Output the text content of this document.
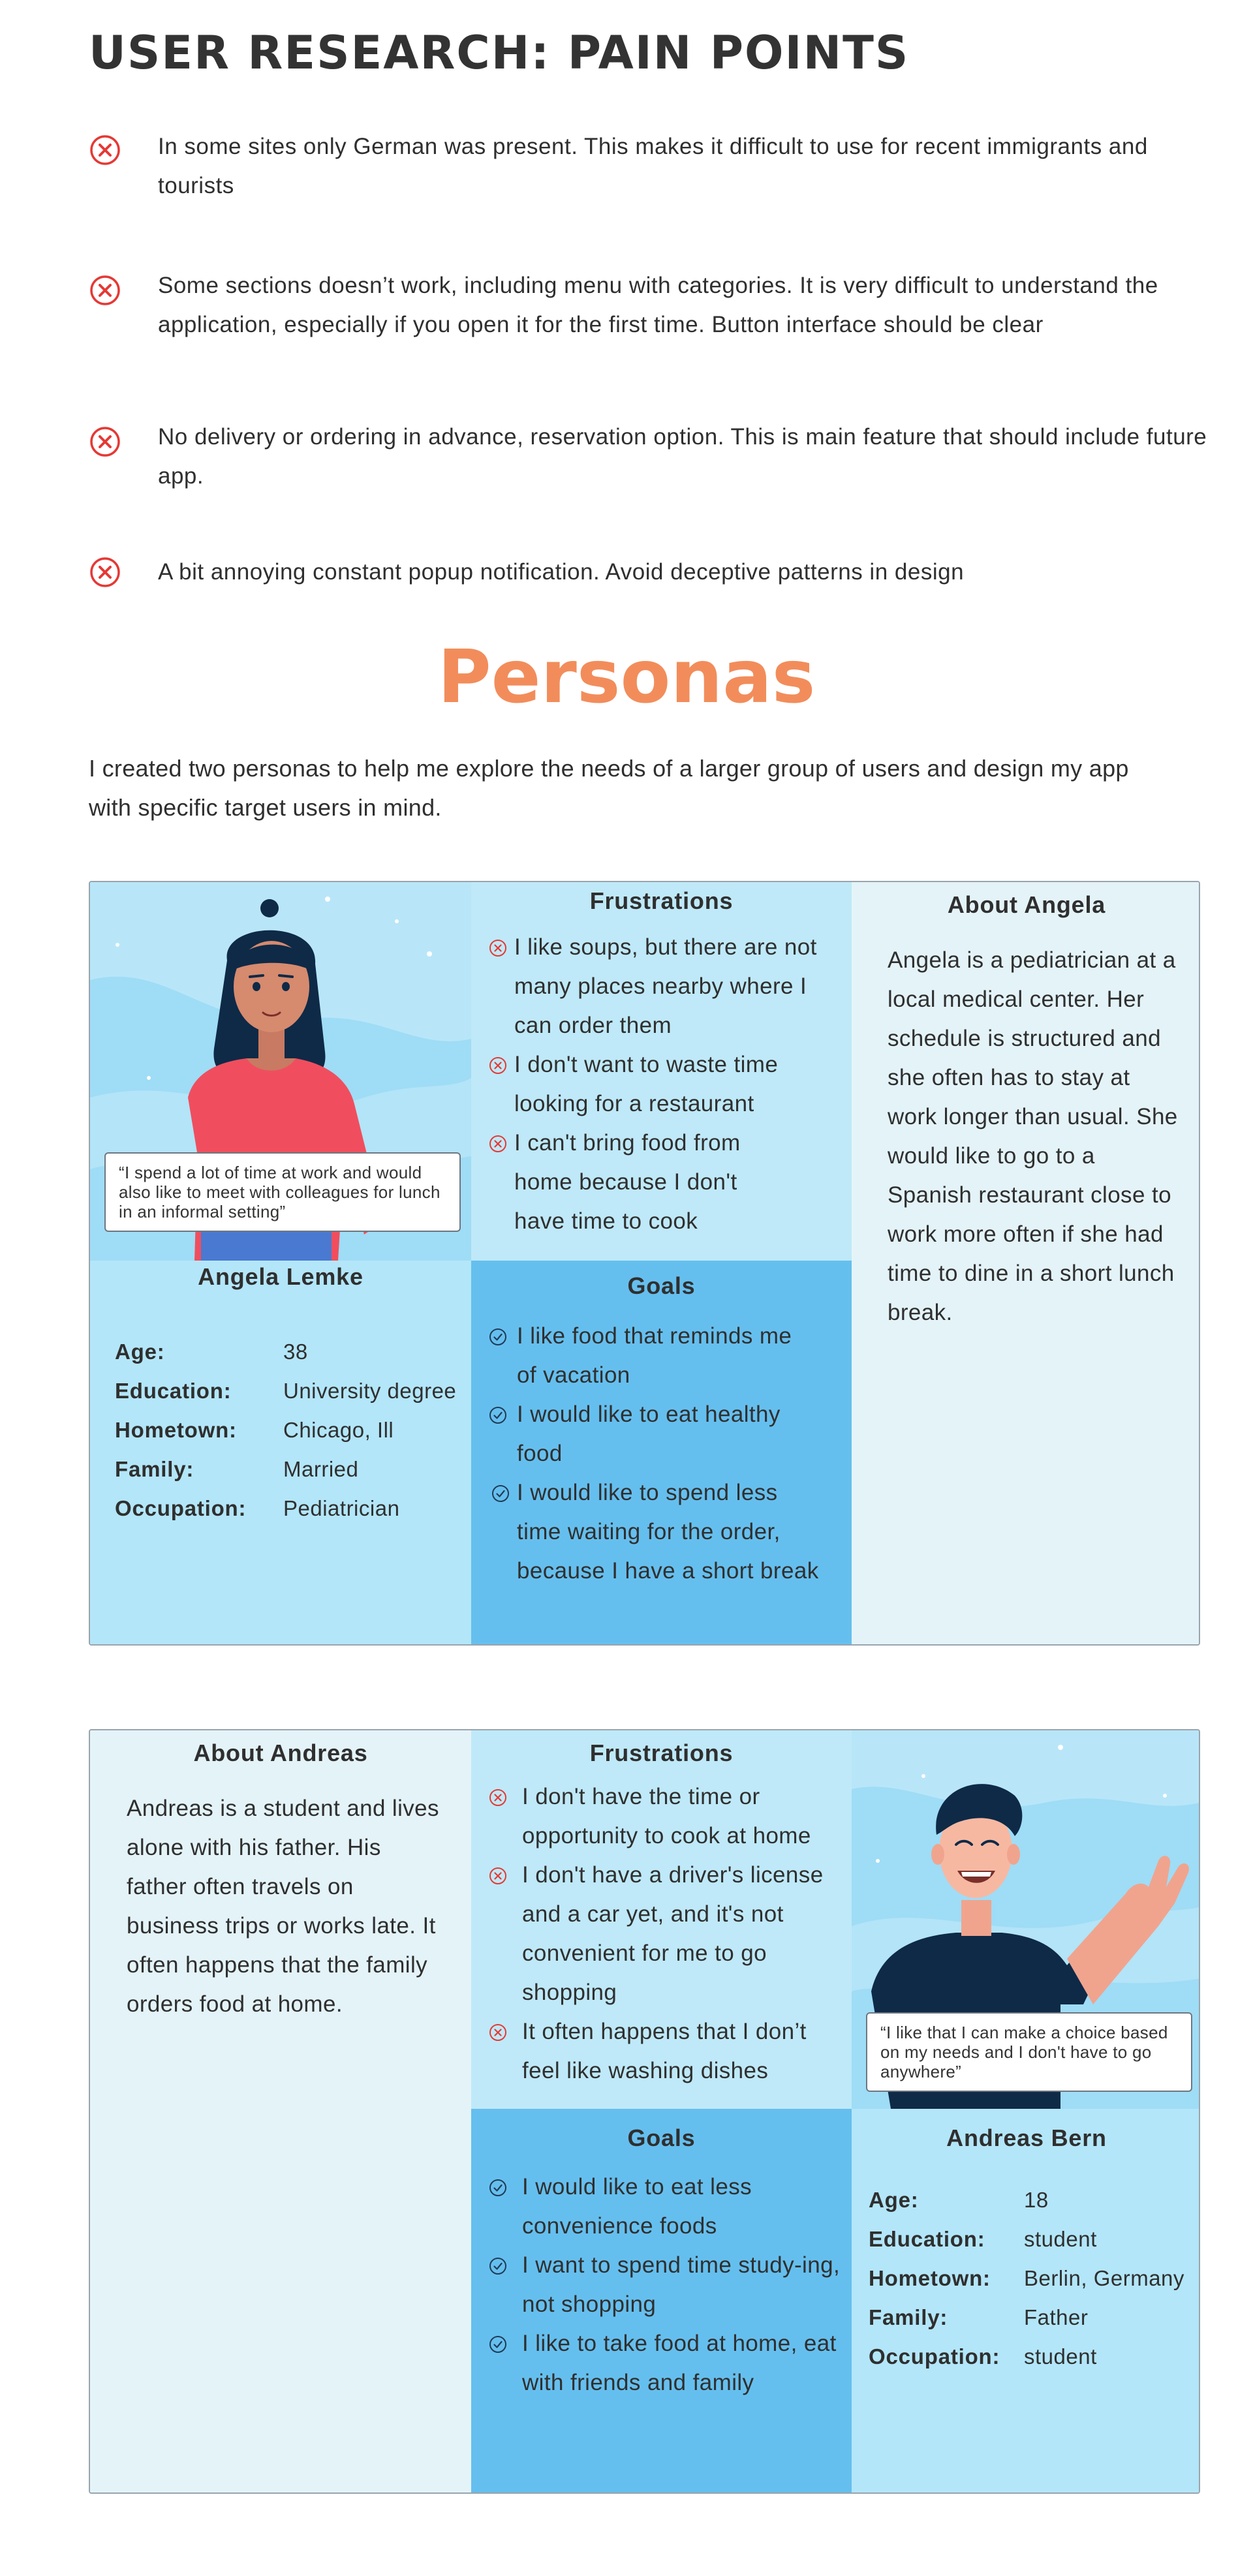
USER RESEARCH: PAIN POINTS
In some sites only German was present. This makes it difficult to use for recent immigrants and tourists
Some sections doesn’t work, including menu with categories. It is very difficult to understand the application, especially if you open it for the first time. Button interface should be clear
No delivery or ordering in advance, reservation option. This is main feature that should include future app.
A bit annoying constant popup notification. Avoid deceptive patterns in design
Personas

I created two personas to help me explore the needs of a larger group of users and design my app with specific target users in mind.

“I spend a lot of time at work and would also like to meet with colleagues for lunch in an informal setting”
Frustrations
I like soups, but there are not many places nearby where I can order them
I don't want to waste time looking for a restaurant
I can't bring food from home because I don't have time to cook
About Angela
Angela is a pediatrician at a local medical center. Her schedule is structured and she often has to stay at work longer than usual. She would like to go to a Spanish restaurant close to work more often if she had time to dine in a short lunch break.
Angela Lemke
Age:	38
Education: University degree
Hometown: Chicago, Ill
Family:	Married
Occupation: Pediatrician
Goals
I like food that reminds me of vacation
I would like to eat healthy food
I would like to spend less time waiting for the order, because I have a short break
About Andreas
Andreas is a student and lives alone with his father. His father often travels on business trips or works late. It often happens that the family orders food at home.
Frustrations
I don't have the time or opportunity to cook at home
I don't have a driver's license and a car yet, and it's not convenient for me to go shopping
It often happens that I don’t feel like washing dishes
“I like that I can make a choice based on my needs and I don't have to go anywhere”
Goals
I would like to eat less convenience foods
I want to spend time study-ing, not shopping
I like to take food at home, eat with friends and family
Andreas Bern
Age:	18
Education: student
Hometown: Berlin, Germany
Family:	Father
Occupation: student
